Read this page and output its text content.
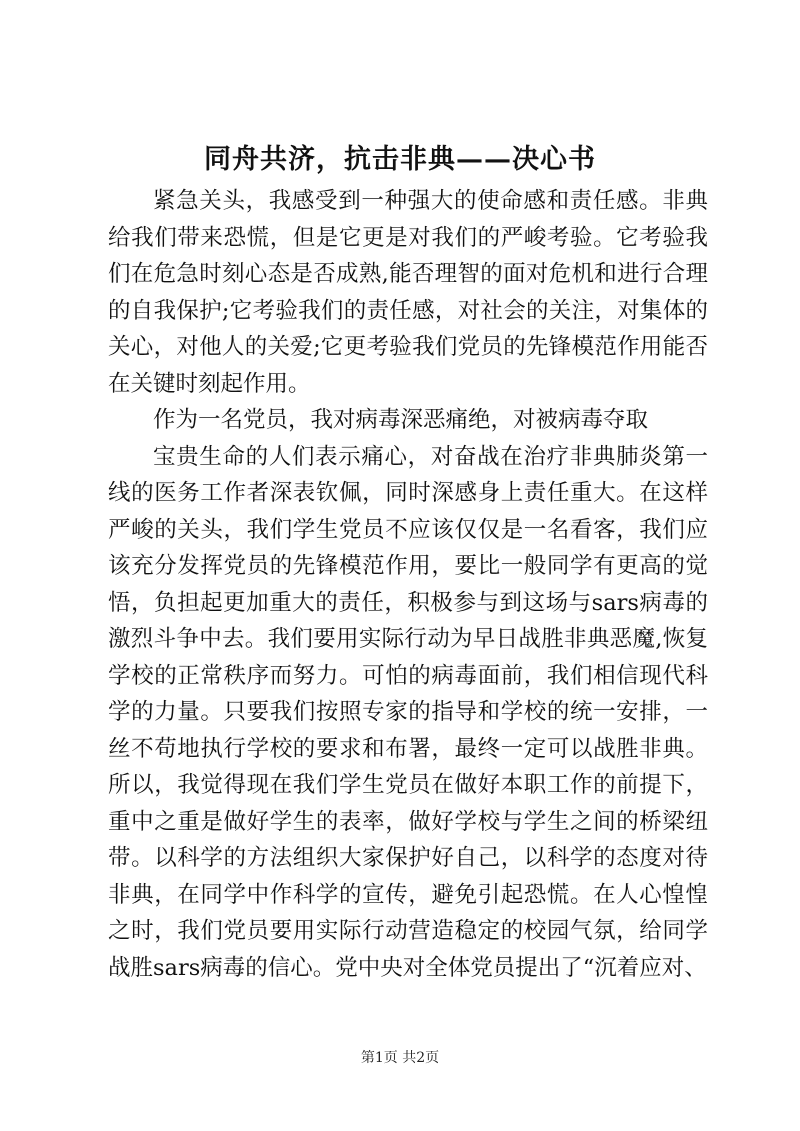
同舟共济，抗击非典——决心书

紧急关头，我感受到一种强大的使命感和责任感。非典给我们带来恐慌，但是它更是对我们的严峻考验。它考验我们在危急时刻心态是否成熟,能否理智的面对危机和进行合理的自我保护;它考验我们的责任感，对社会的关注，对集体的关心，对他人的关爱;它更考验我们党员的先锋模范作用能否在关键时刻起作用。

作为一名党员，我对病毒深恶痛绝，对被病毒夺取

宝贵生命的人们表示痛心，对奋战在治疗非典肺炎第一线的医务工作者深表钦佩，同时深感身上责任重大。在这样严峻的关头，我们学生党员不应该仅仅是一名看客，我们应该充分发挥党员的先锋模范作用，要比一般同学有更高的觉悟，负担起更加重大的责任，积极参与到这场与sars病毒的激烈斗争中去。我们要用实际行动为早日战胜非典恶魔,恢复学校的正常秩序而努力。可怕的病毒面前，我们相信现代科学的力量。只要我们按照专家的指导和学校的统一安排，一丝不苟地执行学校的要求和布署，最终一定可以战胜非典。所以，我觉得现在我们学生党员在做好本职工作的前提下，重中之重是做好学生的表率，做好学校与学生之间的桥梁纽带。以科学的方法组织大家保护好自己，以科学的态度对待非典，在同学中作科学的宣传，避免引起恐慌。在人心惶惶之时，我们党员要用实际行动营造稳定的校园气氛，给同学战胜sars病毒的信心。党中央对全体党员提出了“沉着应对、

第1页 共2页
